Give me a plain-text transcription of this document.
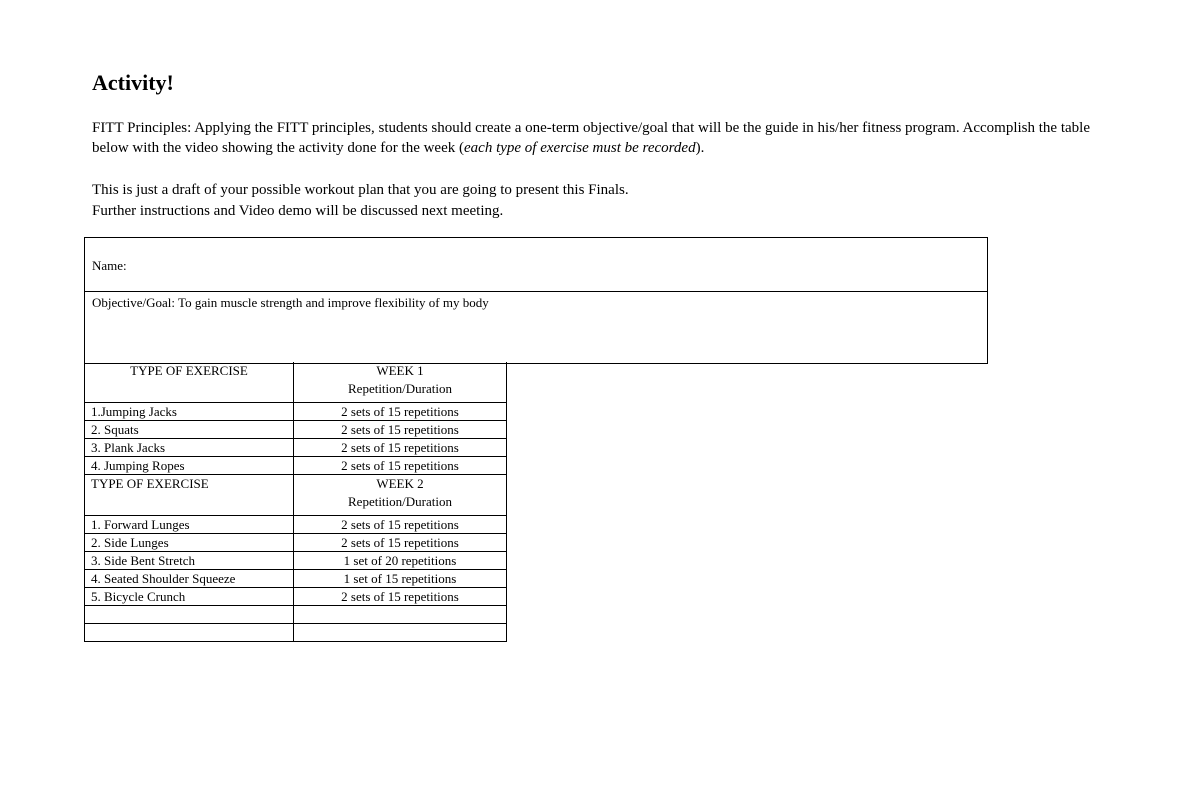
Activity!

FITT Principles: Applying the FITT principles, students should create a one-term objective/goal that will be the guide in his/her fitness program. Accomplish the table below with the video showing the activity done for the week (each type of exercise must be recorded).

This is just a draft of your possible workout plan that you are going to present this Finals.

Further instructions and Video demo will be discussed next meeting.

Name:
Objective/Goal: To gain muscle strength and improve flexibility of my body
TYPE OF EXERCISE	WEEK 1
Repetition/Duration

1.Jumping Jacks	2 sets of 15 repetitions
2. Squats	2 sets of 15 repetitions
3. Plank Jacks	2 sets of 15 repetitions
4. Jumping Ropes	2 sets of 15 repetitions
TYPE OF EXERCISE	WEEK 2
Repetition/Duration

1. Forward Lunges	2 sets of 15 repetitions
2. Side Lunges	2 sets of 15 repetitions
3. Side Bent Stretch	1 set of 20 repetitions
4. Seated Shoulder Squeeze	1 set of 15 repetitions
5. Bicycle Crunch	2 sets of 15 repetitions
